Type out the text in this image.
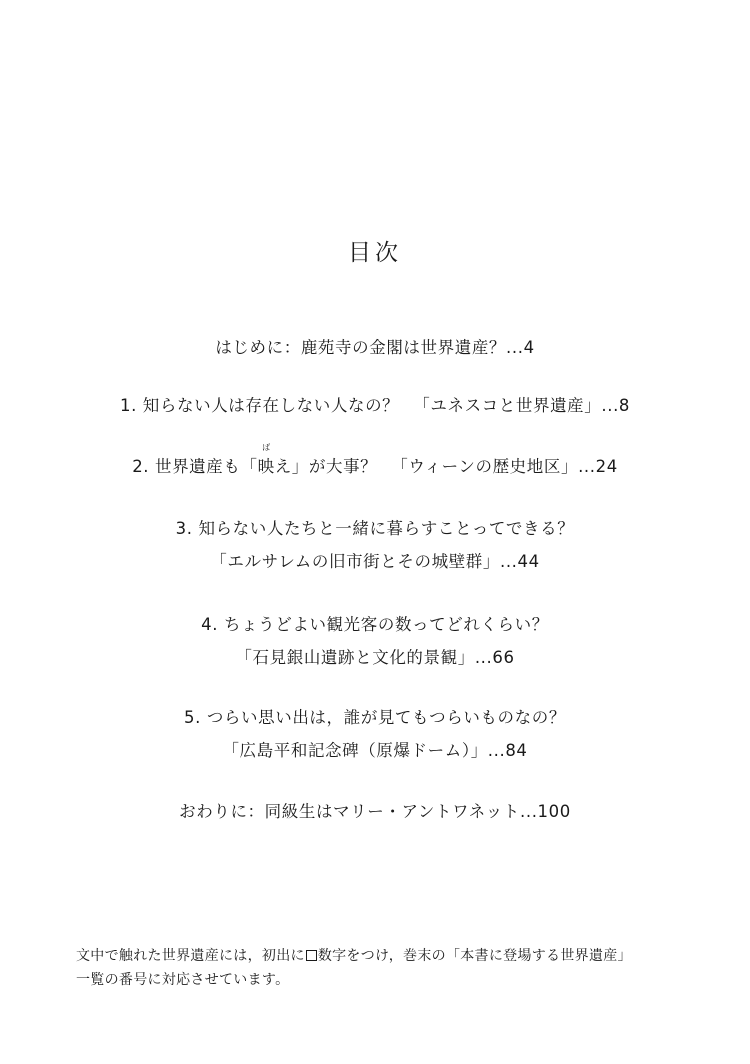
目次
はじめに：鹿苑寺の金閣は世界遺産？...4
1. 知らない人は存在しない人なの？ 「ユネスコと世界遺産」...8
2. 世界遺産も「映
ば
え」が大事？ 「ウィーンの歴史地区」...24
3. 知らない人たちと一緒に暮らすことってできる？
「エルサレムの旧市街とその城壁群」...44
4. ちょうどよい観光客の数ってどれくらい？
「石見銀山遺跡と文化的景観」...66
5. つらい思い出は，誰が見てもつらいものなの？
「広島平和記念碑（原爆ドーム）」...84
おわりに：同級生はマリー・アントワネット...100
文中で触れた世界遺産には，初出に 数字をつけ，巻末の「本書に登場する世界遺産」
一覧の番号に対応させています。
